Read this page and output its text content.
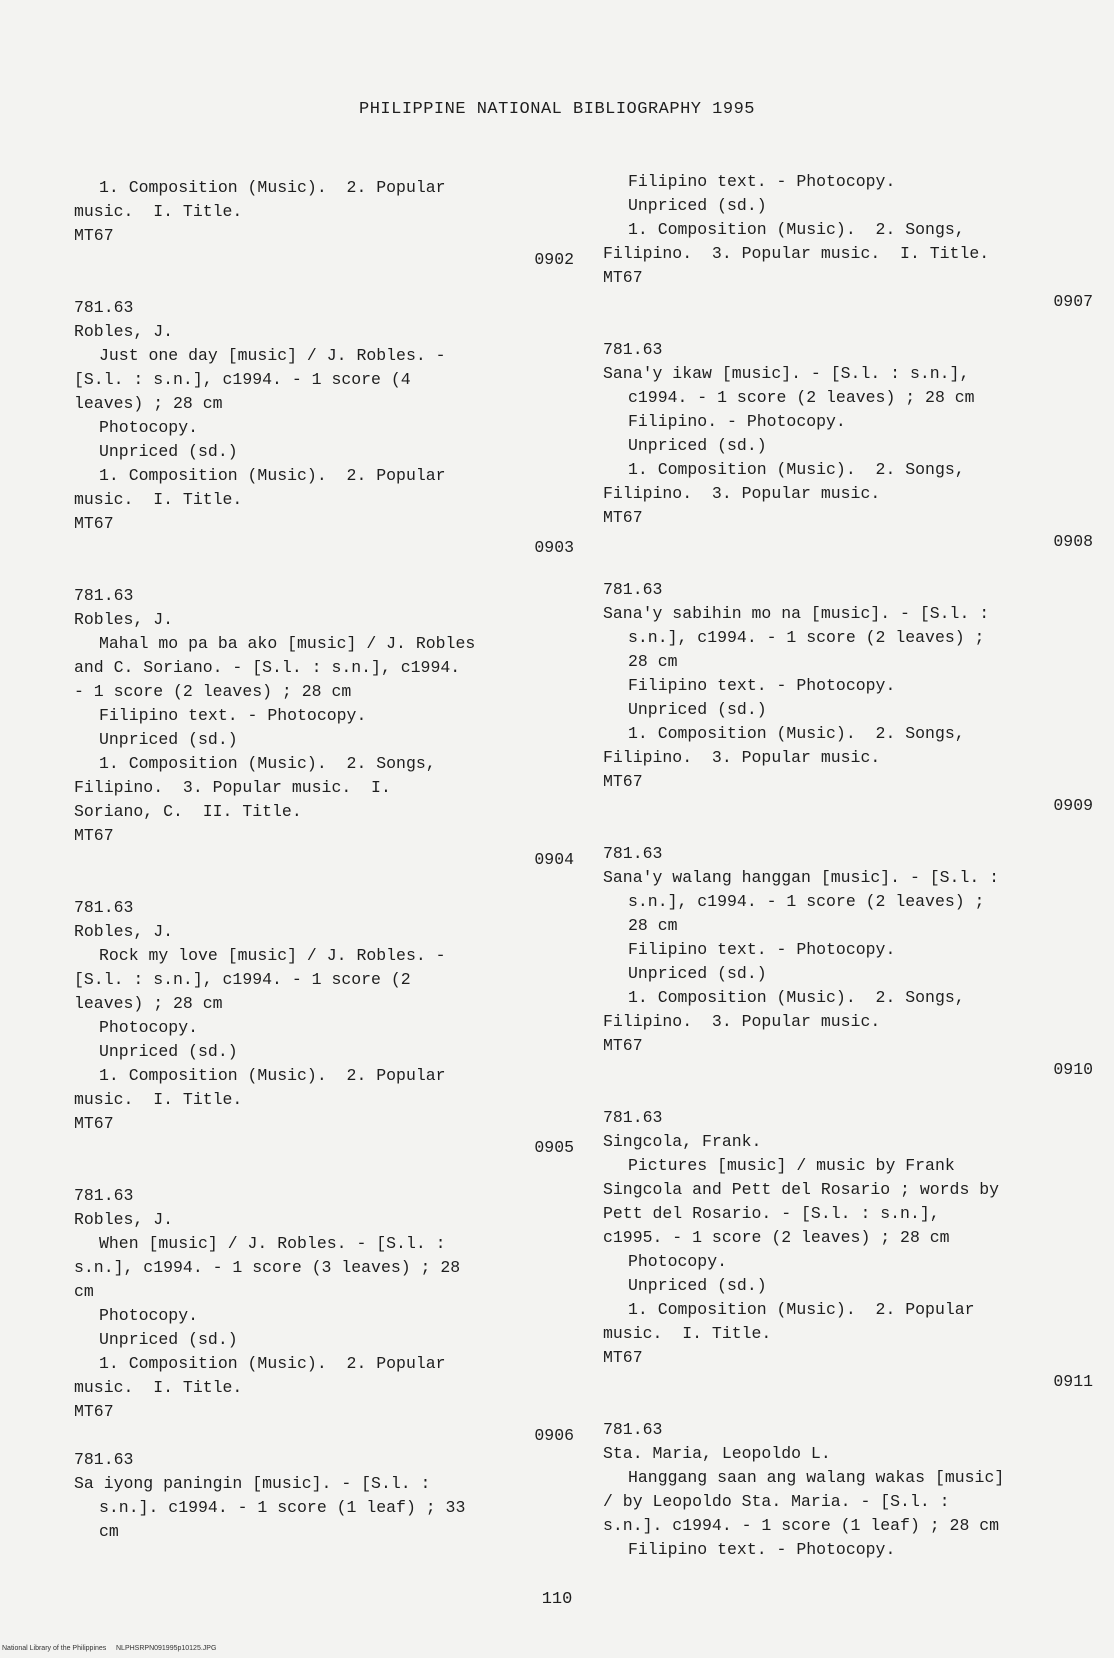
PHILIPPINE NATIONAL BIBLIOGRAPHY 1995
1. Composition (Music).  2. Popular
music.  I. Title.
MT67
0902
781.63
Robles, J.
Just one day [music] / J. Robles. -
[S.l. : s.n.], c1994. - 1 score (4
leaves) ; 28 cm
Photocopy.
Unpriced (sd.)
1. Composition (Music).  2. Popular
music.  I. Title.
MT67
0903
781.63
Robles, J.
Mahal mo pa ba ako [music] / J. Robles
and C. Soriano. - [S.l. : s.n.], c1994.
- 1 score (2 leaves) ; 28 cm
Filipino text. - Photocopy.
Unpriced (sd.)
1. Composition (Music).  2. Songs,
Filipino.  3. Popular music.  I.
Soriano, C.  II. Title.
MT67
0904
781.63
Robles, J.
Rock my love [music] / J. Robles. -
[S.l. : s.n.], c1994. - 1 score (2
leaves) ; 28 cm
Photocopy.
Unpriced (sd.)
1. Composition (Music).  2. Popular
music.  I. Title.
MT67
0905
781.63
Robles, J.
When [music] / J. Robles. - [S.l. :
s.n.], c1994. - 1 score (3 leaves) ; 28
cm
Photocopy.
Unpriced (sd.)
1. Composition (Music).  2. Popular
music.  I. Title.
MT67
0906
781.63
Sa iyong paningin [music]. - [S.l. :
s.n.]. c1994. - 1 score (1 leaf) ; 33
cm
Filipino text. - Photocopy.
Unpriced (sd.)
1. Composition (Music).  2. Songs,
Filipino.  3. Popular music.  I. Title.
MT67
0907
781.63
Sana'y ikaw [music]. - [S.l. : s.n.],
c1994. - 1 score (2 leaves) ; 28 cm
Filipino. - Photocopy.
Unpriced (sd.)
1. Composition (Music).  2. Songs,
Filipino.  3. Popular music.
MT67
0908
781.63
Sana'y sabihin mo na [music]. - [S.l. :
s.n.], c1994. - 1 score (2 leaves) ;
28 cm
Filipino text. - Photocopy.
Unpriced (sd.)
1. Composition (Music).  2. Songs,
Filipino.  3. Popular music.
MT67
0909
781.63
Sana'y walang hanggan [music]. - [S.l. :
s.n.], c1994. - 1 score (2 leaves) ;
28 cm
Filipino text. - Photocopy.
Unpriced (sd.)
1. Composition (Music).  2. Songs,
Filipino.  3. Popular music.
MT67
0910
781.63
Singcola, Frank.
Pictures [music] / music by Frank
Singcola and Pett del Rosario ; words by
Pett del Rosario. - [S.l. : s.n.],
c1995. - 1 score (2 leaves) ; 28 cm
Photocopy.
Unpriced (sd.)
1. Composition (Music).  2. Popular
music.  I. Title.
MT67
0911
781.63
Sta. Maria, Leopoldo L.
Hanggang saan ang walang wakas [music]
/ by Leopoldo Sta. Maria. - [S.l. :
s.n.]. c1994. - 1 score (1 leaf) ; 28 cm
Filipino text. - Photocopy.
110
National Library of the Philippines     NLPHSRPN091995p10125.JPG
